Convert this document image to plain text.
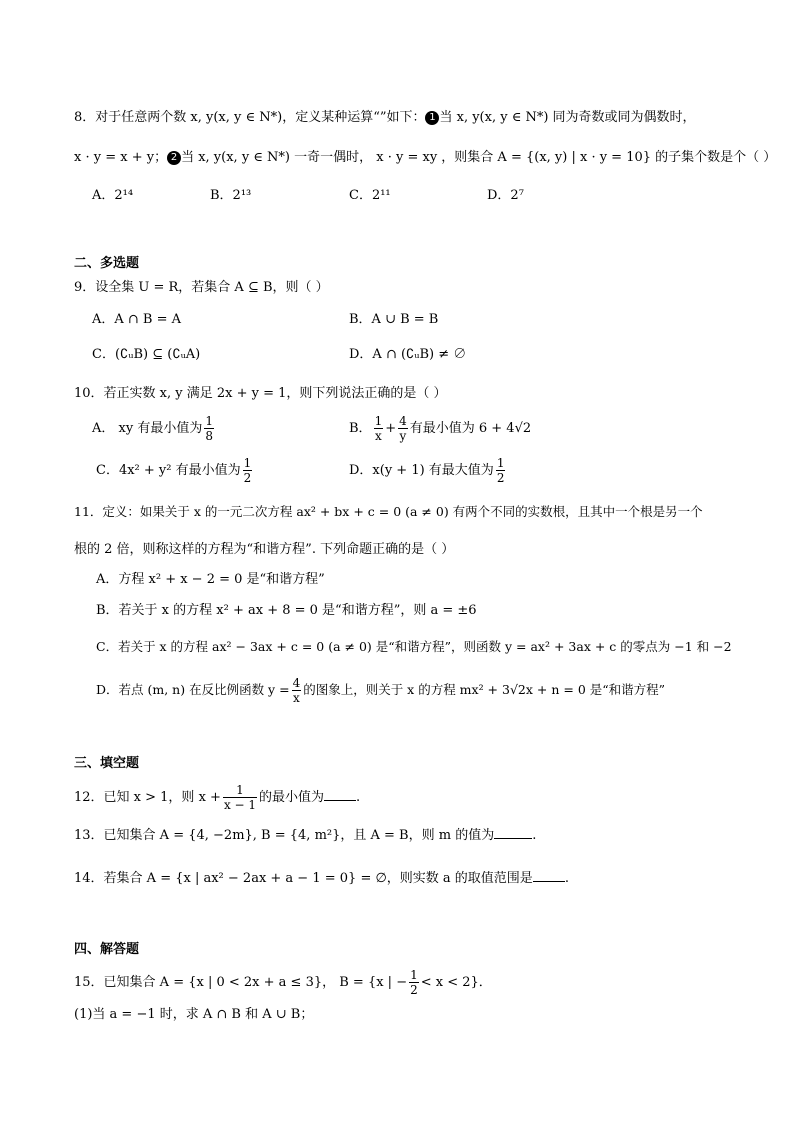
8．对于任意两个数 x, y(x, y ∈ N*)，定义某种运算“”如下： 1 当 x, y(x, y ∈ N*) 同为奇数或同为偶数时，
x · y = x + y； 2 当 x, y(x, y ∈ N*) 一奇一偶时， x · y = xy ，则集合 A = {(x, y) | x · y = 10} 的子集个数是个（ ）
A．2¹⁴	B．2¹³	C．2¹¹	D．2⁷
二、多选题
9．设全集 U = R，若集合 A ⊆ B，则（ ）
A．A ∩ B = A	B．A ∪ B = B
C．(∁ᵤB) ⊆ (∁ᵤA)	D．A ∩ (∁ᵤB) ≠ ∅
10．若正实数 x, y 满足 2x + y = 1，则下列说法正确的是（ ）
A． xy 有最小值为 $\frac{1}{8}$	B． $\frac{1}{x} + \frac{4}{y}$ 有最小值为 6 + 4√2
C．4x² + y² 有最小值为 $\frac{1}{2}$	D．x(y + 1) 有最大值为 $\frac{1}{2}$
11．定义：如果关于 x 的一元二次方程 ax² + bx + c = 0 (a ≠ 0) 有两个不同的实数根，且其中一个根是另一个
根的 2 倍，则称这样的方程为“和谐方程”. 下列命题正确的是（ ）
A．方程 x² + x − 2 = 0 是“和谐方程”
B．若关于 x 的方程 x² + ax + 8 = 0 是“和谐方程”，则 a = ±6
C．若关于 x 的方程 ax² − 3ax + c = 0 (a ≠ 0) 是“和谐方程”，则函数 y = ax² + 3ax + c 的零点为 −1 和 −2
D．若点 (m, n) 在反比例函数 $y = \frac{4}{x}$ 的图象上，则关于 x 的方程 mx² + 3√2x + n = 0 是“和谐方程”
三、填空题
12．已知 x > 1，则 $x + \frac{1}{x - 1}$ 的最小值为 .
13．已知集合 A = {4, −2m}, B = {4, m²}，且 A = B，则 m 的值为	.
14．若集合 A = {x | ax² − 2ax + a − 1 = 0} = ∅，则实数 a 的取值范围是 .
四、解答题
15．已知集合 A = {x | 0 < 2x + a ≤ 3}， B = {x | − $\frac{1}{2} < x < 2$}．
(1)当 a = −1 时，求 A ∩ B 和 A ∪ B；
